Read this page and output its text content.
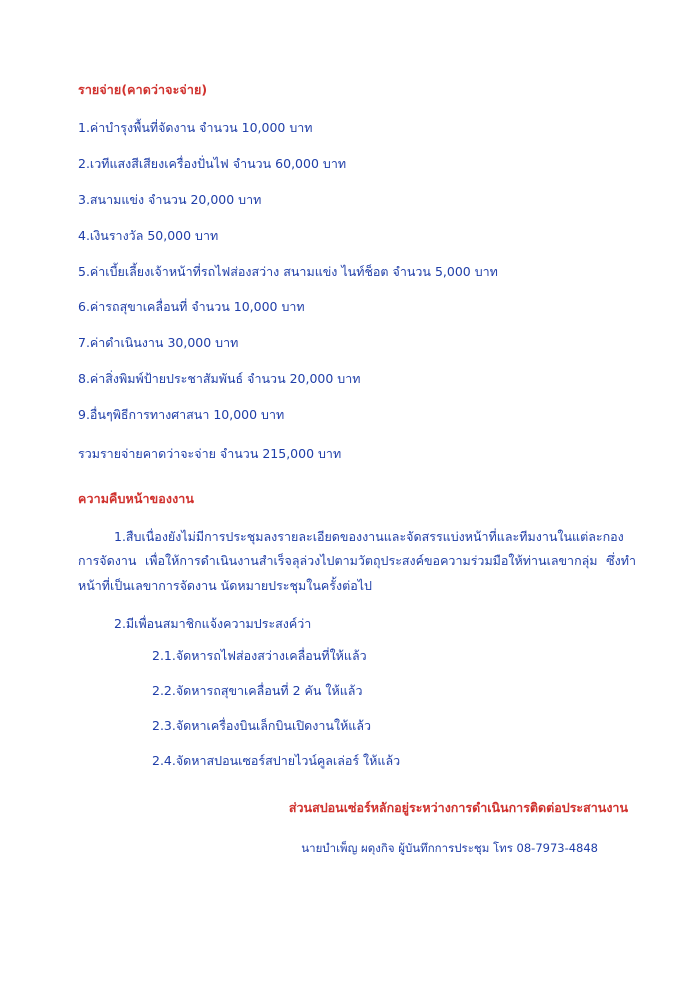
รายจ่าย(คาดว่าจะจ่าย)

1.ค่าบำรุงพื้นที่จัดงาน จำนวน 10,000 บาท

2.เวทีแสงสีเสียงเครื่องปั่นไฟ จำนวน 60,000 บาท

3.สนามแข่ง จำนวน 20,000 บาท

4.เงินรางวัล 50,000 บาท

5.ค่าเบี้ยเลี้ยงเจ้าหน้าที่รถไฟส่องสว่าง สนามแข่ง ไนท์ช็อต จำนวน 5,000 บาท

6.ค่ารถสุขาเคลื่อนที่ จำนวน 10,000 บาท

7.ค่าดำเนินงาน 30,000 บาท

8.ค่าสิ่งพิมพ์ป้ายประชาสัมพันธ์ จำนวน 20,000 บาท

9.อื่นๆพิธีการทางศาสนา 10,000 บาท

รวมรายจ่ายคาดว่าจะจ่าย จำนวน 215,000 บาท

ความคืบหน้าของงาน

1.สืบเนื่องยังไม่มีการประชุมลงรายละเอียดของงานและจัดสรรแบ่งหน้าที่และทีมงานในแต่ละกองการจัดงาน เพื่อให้การดำเนินงานสำเร็จลุล่วงไปตามวัตถุประสงค์ขอความร่วมมือให้ท่านเลขากลุ่ม ซึ่งทำหน้าที่เป็นเลขาการจัดงาน นัดหมายประชุมในครั้งต่อไป

2.มีเพื่อนสมาชิกแจ้งความประสงค์ว่า

2.1.จัดหารถไฟส่องสว่างเคลื่อนที่ให้แล้ว

2.2.จัดหารถสุขาเคลื่อนที่ 2 คัน ให้แล้ว

2.3.จัดหาเครื่องบินเล็กบินเปิดงานให้แล้ว

2.4.จัดหาสปอนเซอร์สปายไวน์คูลเล่อร์ ให้แล้ว

ส่วนสปอนเซ่อร์หลักอยู่ระหว่างการดำเนินการติดต่อประสานงาน

นายบำเพ็ญ ผดุงกิจ ผู้บันทึกการประชุม โทร 08-7973-4848
